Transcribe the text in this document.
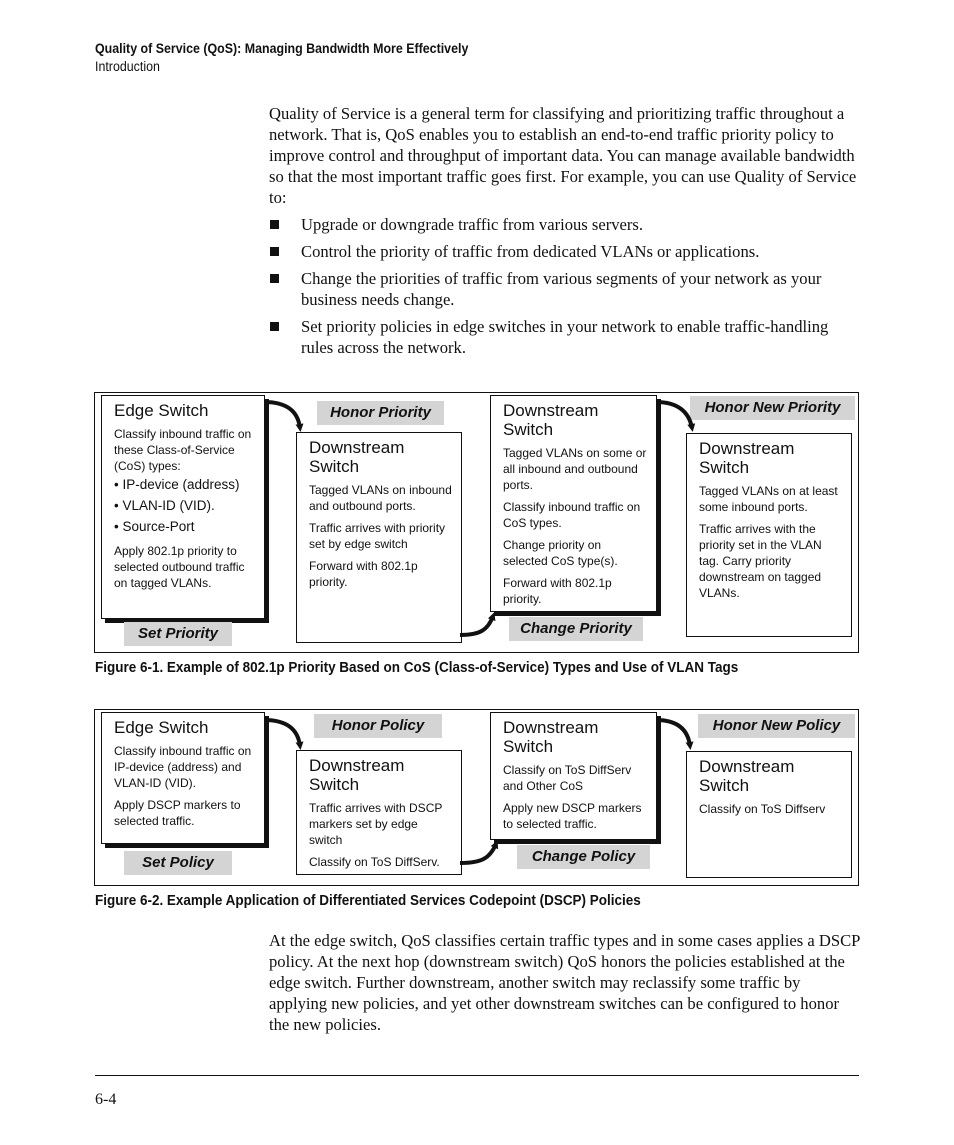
Quality of Service (QoS): Managing Bandwidth More Effectively
Introduction
Quality of Service is a general term for classifying and prioritizing traffic throughout a network. That is, QoS enables you to establish an end-to-end traffic priority policy to improve control and throughput of important data. You can manage available bandwidth so that the most important traffic goes first. For example, you can use Quality of Service to:
Upgrade or downgrade traffic from various servers.
Control the priority of traffic from dedicated VLANs or applications.
Change the priorities of traffic from various segments of your network as your business needs change.
Set priority policies in edge switches in your network to enable traffic-handling rules across the network.
Edge Switch
Classify inbound traffic on these Class-of-Service (CoS) types:
• IP-device (address)
• VLAN-ID (VID).
• Source-Port
Apply 802.1p priority to selected outbound traffic on tagged VLANs.
Downstream Switch
Tagged VLANs on inbound and outbound ports.
Traffic arrives with priority set by edge switch
Forward with 802.1p priority.
Downstream Switch
Tagged VLANs on some or all inbound and outbound ports.
Classify inbound traffic on CoS types.
Change priority on selected CoS type(s).
Forward with 802.1p priority.
Downstream Switch
Tagged VLANs on at least some inbound ports.
Traffic arrives with the priority set in the VLAN tag. Carry priority downstream on tagged VLANs.
Set Priority
Honor Priority
Change Priority
Honor New Priority
Figure 6-1. Example of 802.1p Priority Based on CoS (Class-of-Service) Types and Use of VLAN Tags
Edge Switch
Classify inbound traffic on IP-device (address) and VLAN-ID (VID).
Apply DSCP markers to selected traffic.
Downstream Switch
Traffic arrives with DSCP markers set by edge switch
Classify on ToS DiffServ.
Downstream Switch
Classify on ToS DiffServ and Other CoS
Apply new DSCP markers to selected traffic.
Downstream Switch
Classify on ToS Diffserv
Set Policy
Honor Policy
Change Policy
Honor New Policy
Figure 6-2. Example Application of Differentiated Services Codepoint (DSCP) Policies
At the edge switch, QoS classifies certain traffic types and in some cases applies a DSCP policy. At the next hop (downstream switch) QoS honors the policies established at the edge switch. Further downstream, another switch may reclassify some traffic by applying new policies, and yet other downstream switches can be configured to honor the new policies.
6-4
